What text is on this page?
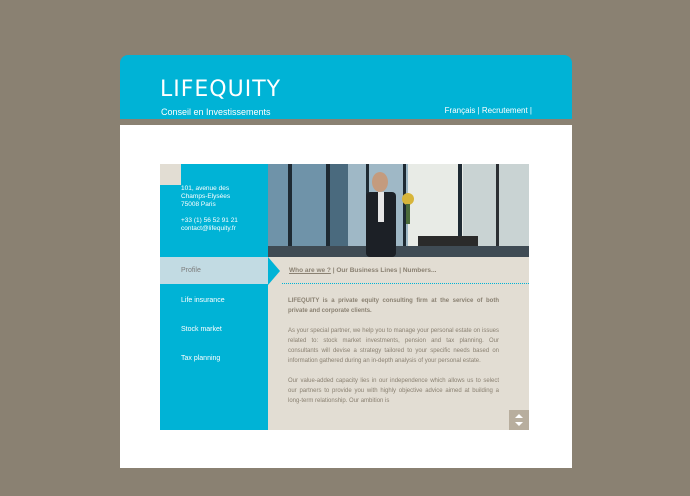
LIFEQUITY
Conseil en Investissements	Français | Recrutement |
101, avenue des
Champs-Elysées
75008 Paris
+33 (1) 56 52 91 21
contact@lifequity.fr
Profile
Life insurance
Stock market
Tax planning
Who are we ? | Our Business Lines | Numbers...

LIFEQUITY is a private equity consulting firm at the service of both private and corporate clients.

As your special partner, we help you to manage your personal estate on issues related to: stock market investments, pension and tax planning. Our consultants will devise a strategy tailored to your specific needs based on information gathered during an in-depth analysis of your personal estate.

Our value-added capacity lies in our independence which allows us to select our partners to provide you with highly objective advice aimed at building a long-term relationship. Our ambition is
